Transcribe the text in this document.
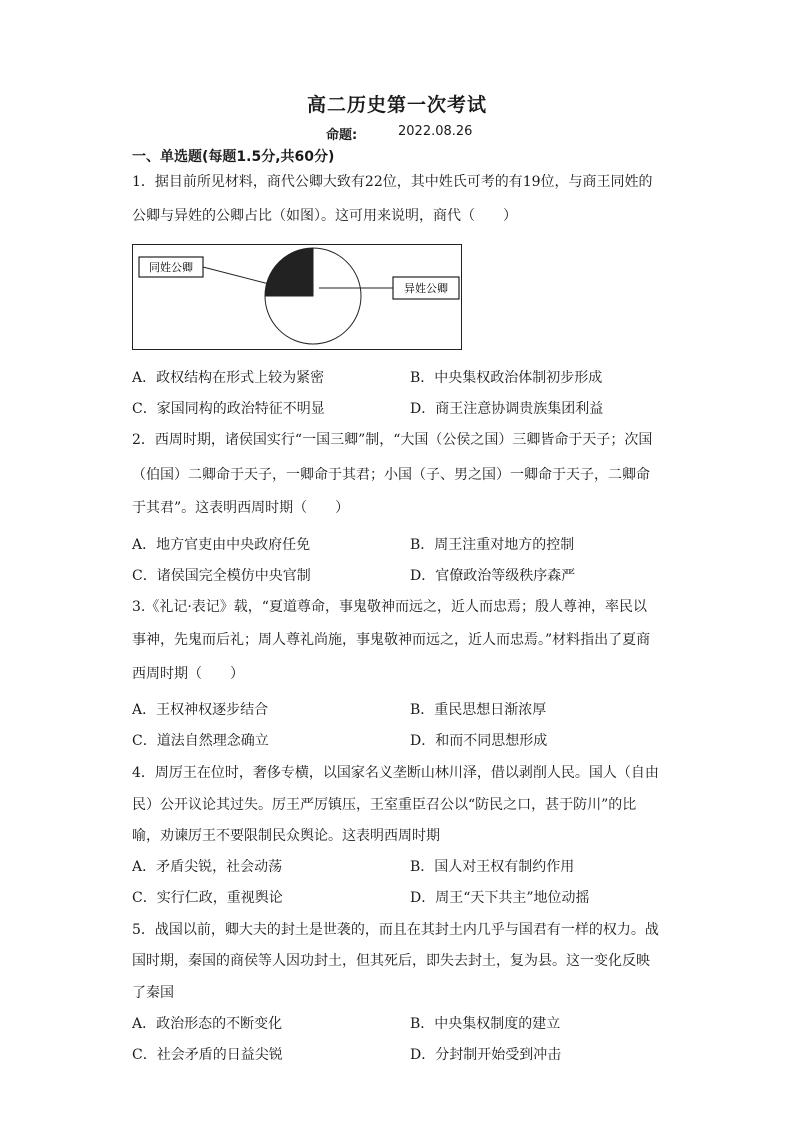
高二历史第一次考试
命题:	2022.08.26
一、单选题(每题1.5分,共60分)
1．据目前所见材料，商代公卿大致有22位，其中姓氏可考的有19位，与商王同姓的
公卿与异姓的公卿占比（如图）。这可用来说明，商代（　　）
同姓公卿
异姓公卿
A．政权结构在形式上较为紧密	B．中央集权政治体制初步形成
C．家国同构的政治特征不明显	D．商王注意协调贵族集团利益
2．西周时期，诸侯国实行“一国三卿”制，“大国（公侯之国）三卿皆命于天子；次国
（伯国）二卿命于天子，一卿命于其君；小国（子、男之国）一卿命于天子，二卿命
于其君”。这表明西周时期（　　）
A．地方官吏由中央政府任免	B．周王注重对地方的控制
C．诸侯国完全模仿中央官制	D．官僚政治等级秩序森严
3.《礼记·表记》载，“夏道尊命，事鬼敬神而远之，近人而忠焉；殷人尊神，率民以
事神，先鬼而后礼；周人尊礼尚施，事鬼敬神而远之，近人而忠焉。”材料指出了夏商
西周时期（　　）
A．王权神权逐步结合	B．重民思想日渐浓厚
C．道法自然理念确立	D．和而不同思想形成
4．周厉王在位时，奢侈专横，以国家名义垄断山林川泽，借以剥削人民。国人（自由
民）公开议论其过失。厉王严厉镇压，王室重臣召公以“防民之口，甚于防川”的比
喻，劝谏厉王不要限制民众舆论。这表明西周时期
A．矛盾尖锐，社会动荡	B．国人对王权有制约作用
C．实行仁政，重视舆论	D．周王“天下共主”地位动摇
5．战国以前，卿大夫的封土是世袭的，而且在其封土内几乎与国君有一样的权力。战
国时期，秦国的商侯等人因功封土，但其死后，即失去封土，复为县。这一变化反映
了秦国
A．政治形态的不断变化	B．中央集权制度的建立
C．社会矛盾的日益尖锐	D．分封制开始受到冲击
